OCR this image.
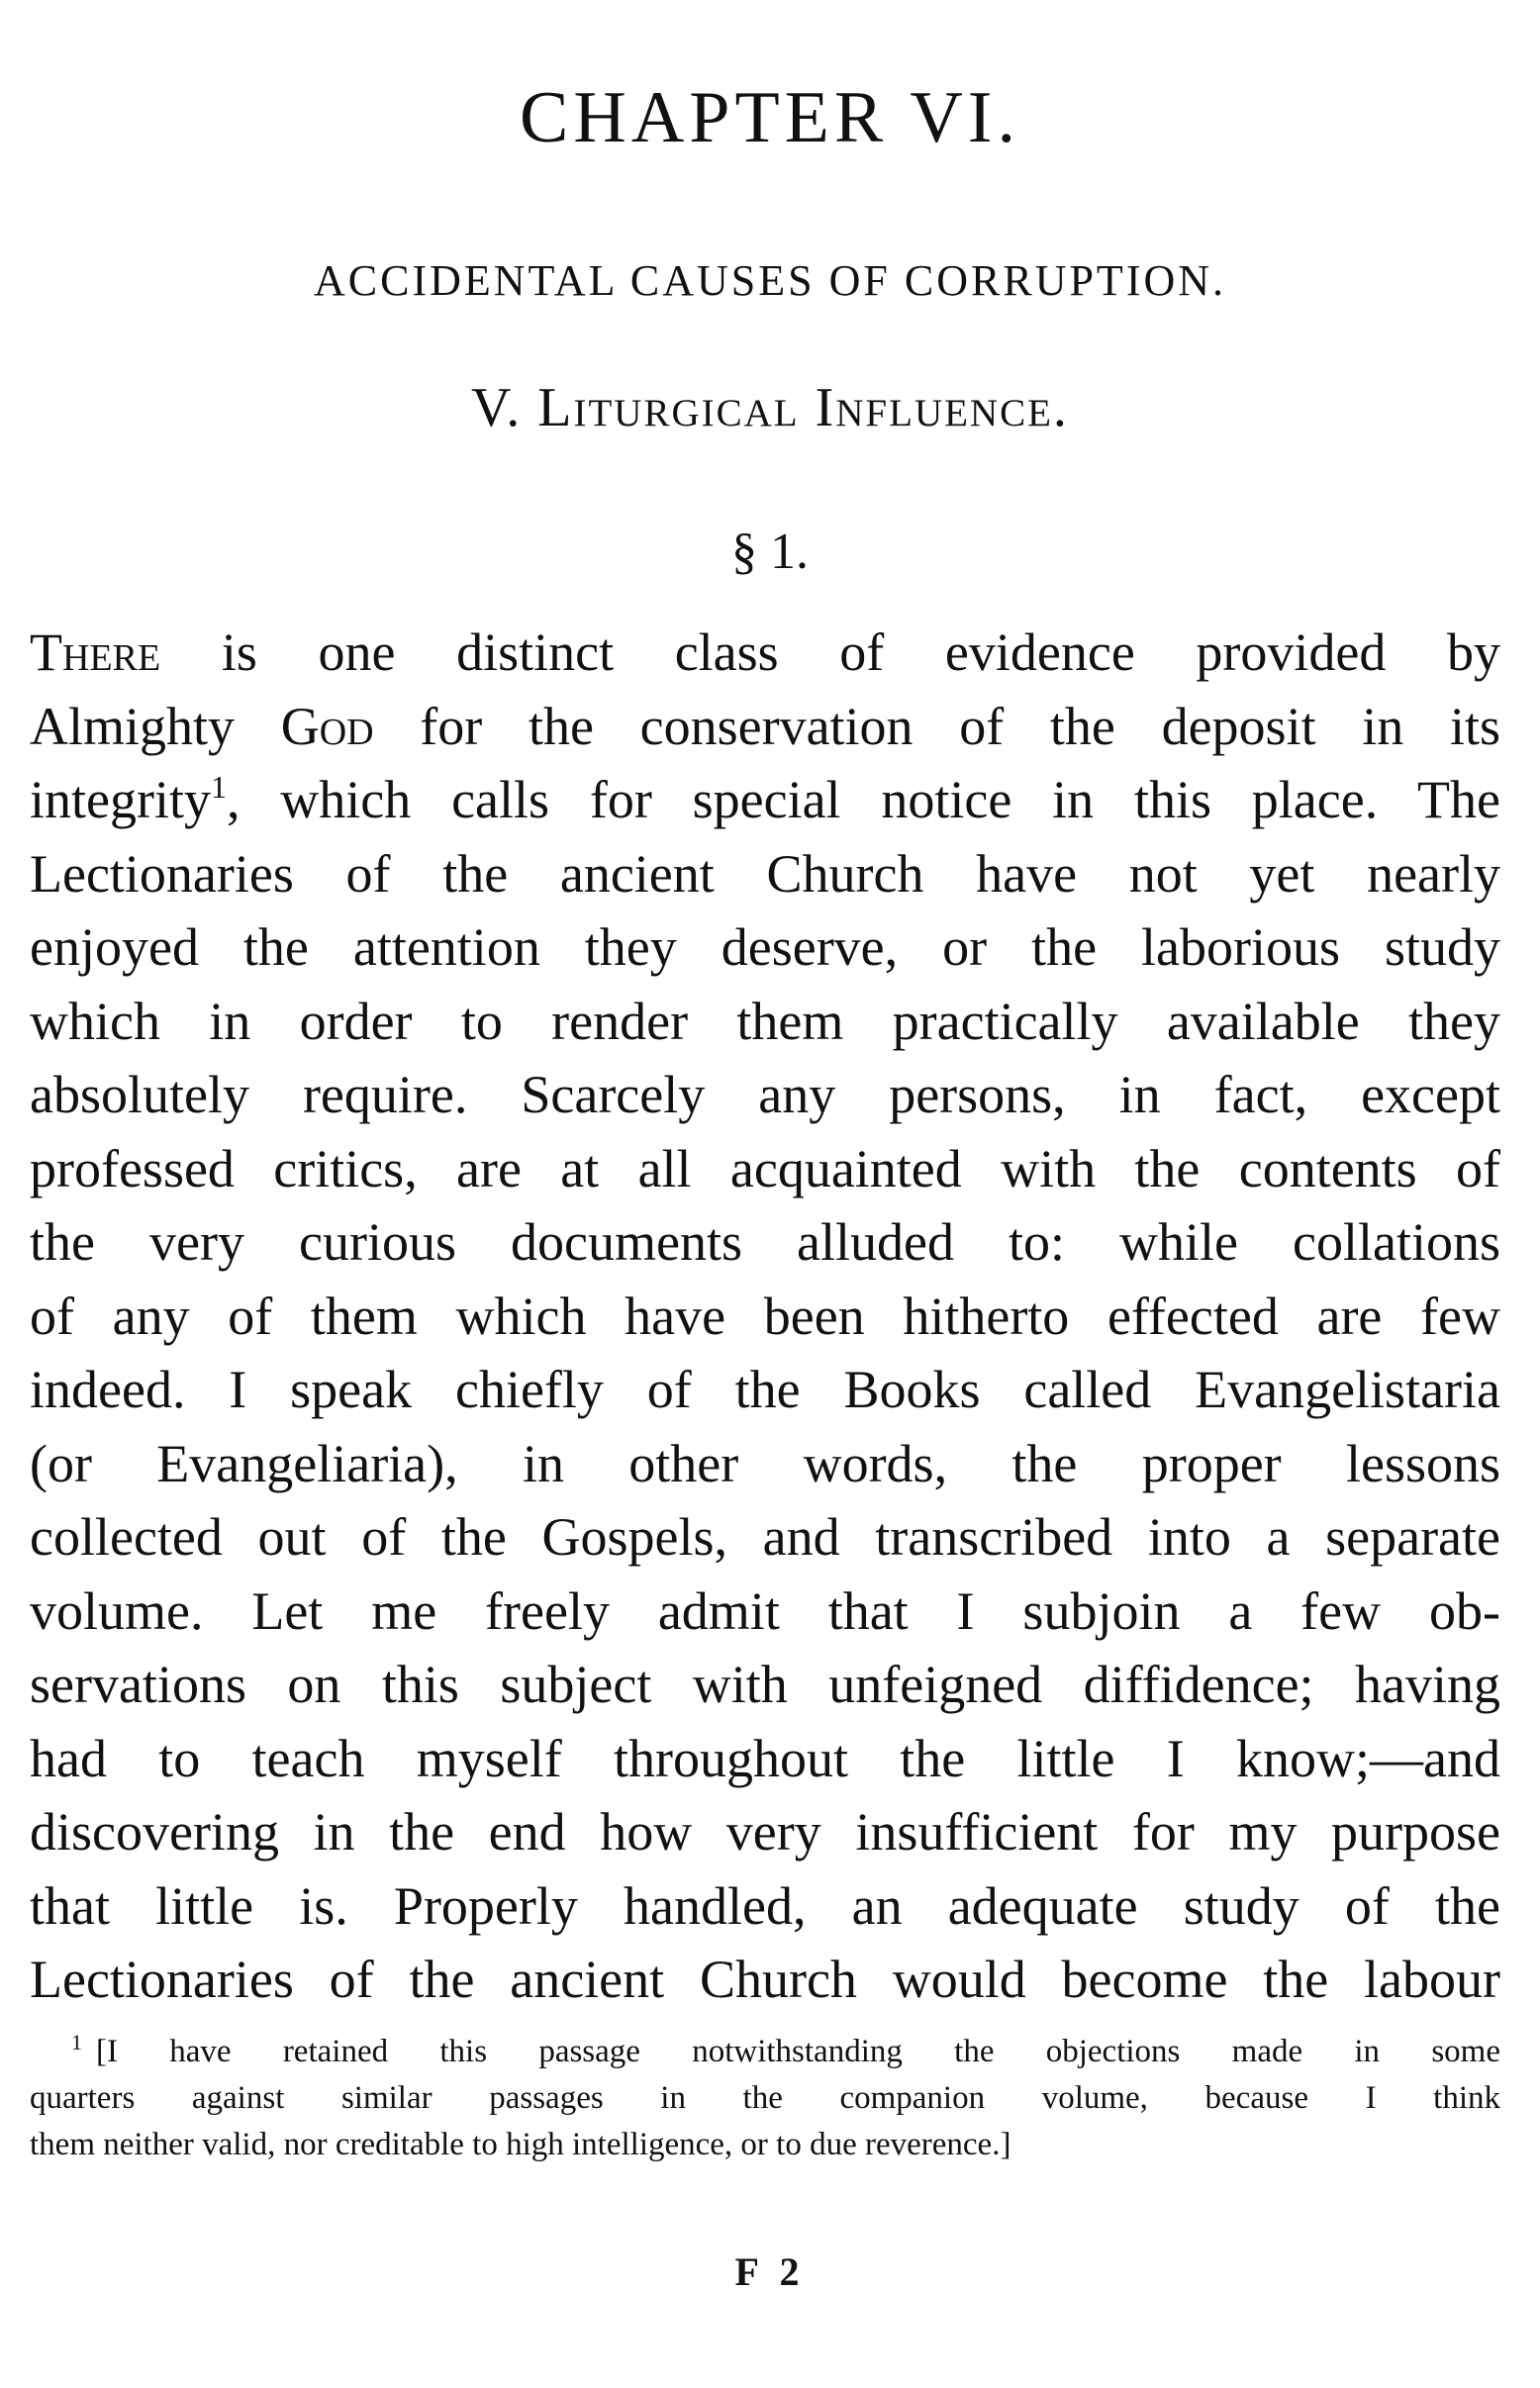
CHAPTER VI.
ACCIDENTAL CAUSES OF CORRUPTION.
V. Liturgical Influence.
§ 1.
There is one distinct class of evidence provided by
Almighty God for the conservation of the deposit in its
integrity$^1$, which calls for special notice in this place. The
Lectionaries of the ancient Church have not yet nearly
enjoyed the attention they deserve, or the laborious study
which in order to render them practically available they
absolutely require. Scarcely any persons, in fact, except
professed critics, are at all acquainted with the contents of
the very curious documents alluded to: while collations
of any of them which have been hitherto effected are few
indeed. I speak chiefly of the Books called Evangelistaria
(or Evangeliaria), in other words, the proper lessons
collected out of the Gospels, and transcribed into a separate
volume. Let me freely admit that I subjoin a few ob-
servations on this subject with unfeigned diffidence; having
had to teach myself throughout the little I know;—and
discovering in the end how very insufficient for my purpose
that little is. Properly handled, an adequate study of the
Lectionaries of the ancient Church would become the labour
$^1$ [I have retained this passage notwithstanding the objections made in some
quarters against similar passages in the companion volume, because I think
them neither valid, nor creditable to high intelligence, or to due reverence.]
F 2
